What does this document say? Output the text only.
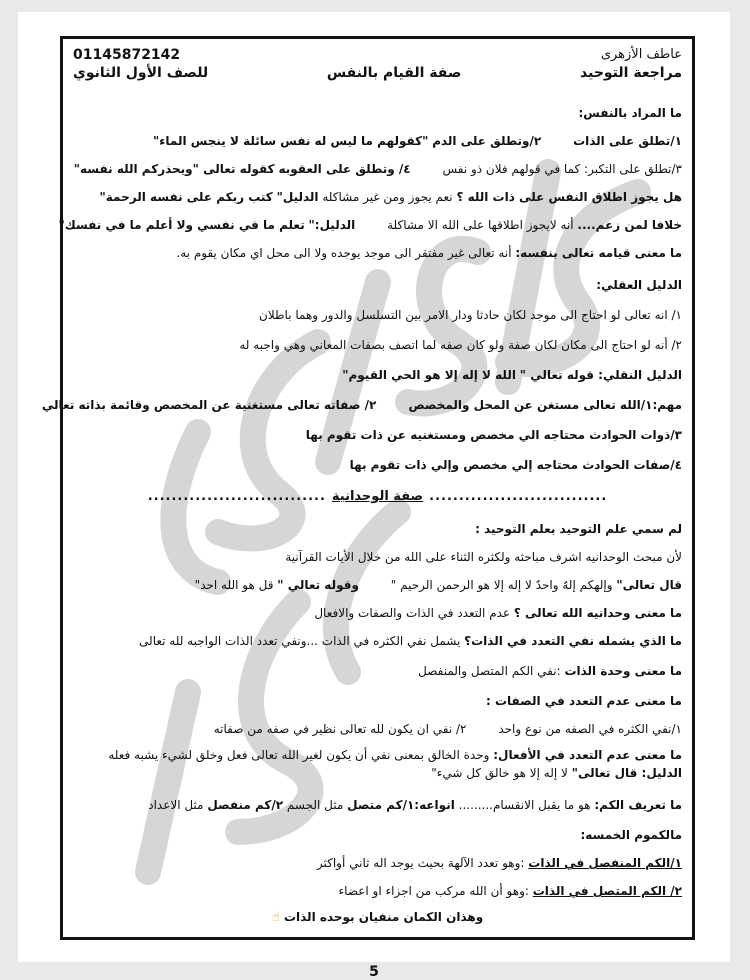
عاطف الأزهرى
01145872142
مراجعة التوحيد
صفة القيام بالنفس
للصف الأول الثانوي
ما المراد بالنفس:
١/تطلق على الذات ٢/وتطلق على الدم "كقولهم ما ليس له نفس سائلة لا ينجس الماء"
٣/تطلق على التكبر: كما في قولهم فلان ذو نفس ٤/ وتطلق على العقوبه كقوله تعالى "ويحذركم الله نفسه"
هل يجوز اطلاق النفس على ذات الله ؟ نعم يجوز ومن غير مشاكله الدليل" كتب ربكم على نفسه الرحمة"
خلافا لمن زعم.... أنه لايجوز اطلاقها على الله الا مشاكلة الدليل:" تعلم ما في نفسي ولا أعلم ما في نفسك"
ما معنى قيامه تعالى بنفسه: أنه تعالى غير مفتقر الى موجد يوجده ولا الى محل اي مكان يقوم به.
الدليل العقلي:
١/ انه تعالى لو احتاج الى موجد لكان حادثا ودار الامر بين التسلسل والدور وهما باطلان
٢/ أنه لو احتاج الى مكان لكان صفة ولو كان صفه لما اتصف بصفات المعاني وهي واجبه له
الدليل النقلي: قوله تعالي " الله لا إله إلا هو الحي القيوم"
مهم:١/الله تعالى مستغن عن المحل والمخصص ٢/ صفاته تعالى مستغنية عن المخصص وقائمة بذاته تعالي
٣/ذوات الحوادث محتاجه الي مخصص ومستغنيه عن ذات تقوم بها
٤/صفات الحوادث محتاجه إلي مخصص وإلي ذات تقوم بها
..............................
صفة الوحدانية
..............................
لم سمي علم التوحيد بعلم التوحيد :
لأن مبحث الوحدانيه اشرف مباحثه ولكثره الثناء على الله من خلال الأيات القرآنية
قال تعالى" وإلهكم إلهٌ واحدٌ لا إله إلا هو الرحمن الرحيم " وقوله تعالي " قل هو الله احد"
ما معنى وحدانيه الله تعالى ؟ عدم التعدد في الذات والصفات والافعال
ما الذي يشمله نفي التعدد في الذات؟ يشمل نفي الكثره في الذات ...ونفي تعدد الذات الواجبه لله تعالى
ما معنى وحدة الذات :نفي الكم المتصل والمنفصل
ما معنى عدم التعدد في الصفات :
١/نفي الكثره في الصفه من نوع واحد ٢/ نفي ان يكون لله تعالى نظير في صفه من صفاته
ما معنى عدم التعدد في الأفعال: وحدة الخالق بمعنى نفي أن يكون لغير الله تعالى فعل وخلق لشيء يشبه فعله
الدليل: قال تعالى" لا إله إلا هو خالق كل شيء"
ما تعريف الكم: هو ما يقبل الانقسام......... انواعه:١/كم متصل مثل الجسم ٢/كم منفصل مثل الاعداد
مالكموم الخمسه:
١/الكم المنفصل في الذات :وهو تعدد الآلهة بحيث يوجد اله ثاني أواكثر
٢/ الكم المتصل في الذات :وهو أن الله مركب من اجزاء او اعضاء
وهذان الكمان منفيان بوحده الذات ☝
5
